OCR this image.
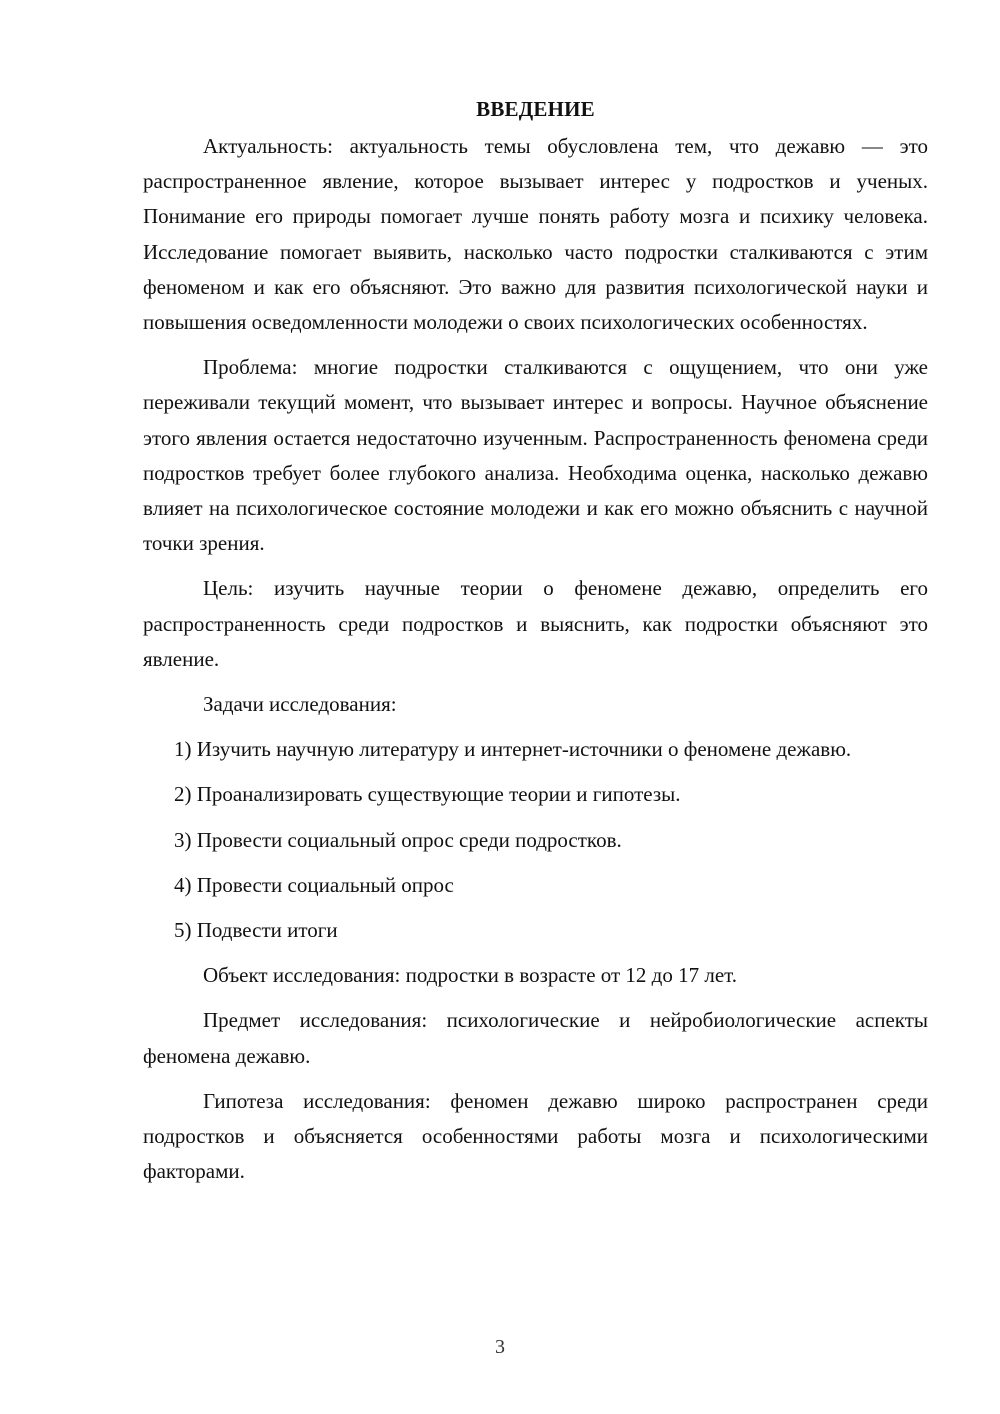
ВВЕДЕНИЕ

Актуальность: актуальность темы обусловлена тем, что дежавю — это распространенное явление, которое вызывает интерес у подростков и ученых. Понимание его природы помогает лучше понять работу мозга и психику человека. Исследование помогает выявить, насколько часто подростки сталкиваются с этим феноменом и как его объясняют. Это важно для развития психологической науки и повышения осведомленности молодежи о своих психологических особенностях.

Проблема: многие подростки сталкиваются с ощущением, что они уже переживали текущий момент, что вызывает интерес и вопросы. Научное объяснение этого явления остается недостаточно изученным. Распространенность феномена среди подростков требует более глубокого анализа. Необходима оценка, насколько дежавю влияет на психологическое состояние молодежи и как его можно объяснить с научной точки зрения.

Цель: изучить научные теории о феномене дежавю, определить его распространенность среди подростков и выяснить, как подростки объясняют это явление.

Задачи исследования:

1) Изучить научную литературу и интернет-источники о феномене дежавю.

2) Проанализировать существующие теории и гипотезы.

3) Провести социальный опрос среди подростков.

4) Провести социальный опрос

5) Подвести итоги

Объект исследования: подростки в возрасте от 12 до 17 лет.

Предмет исследования: психологические и нейробиологические аспекты феномена дежавю.

Гипотеза исследования: феномен дежавю широко распространен среди подростков и объясняется особенностями работы мозга и психологическими факторами.

3
